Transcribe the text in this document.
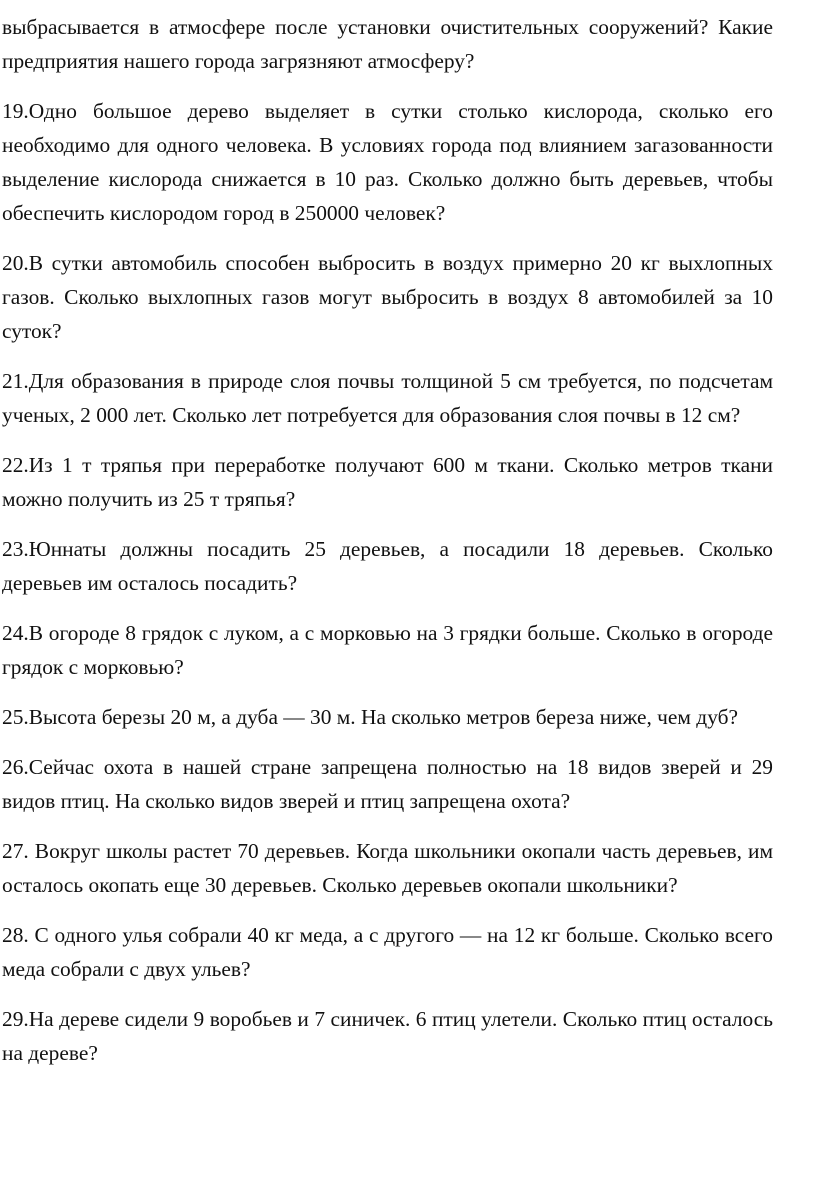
выбрасывается в атмосфере после установки очистительных сооружений? Какие предприятия нашего города загрязняют атмосферу?

19.Одно большое дерево выделяет в сутки столько кислорода, сколько его необходимо для одного человека. В условиях города под влиянием загазованности выделение кислорода снижается в 10 раз. Сколько должно быть деревьев, чтобы обеспечить кислородом город в 250000 человек?

20.В сутки автомобиль способен выбросить в воздух примерно 20 кг выхлопных газов. Сколько выхлопных газов могут выбросить в воздух 8 автомобилей за 10 суток?

21.Для образования в природе слоя почвы толщиной 5 см требуется, по подсчетам ученых, 2 000 лет. Сколько лет потребуется для образования слоя почвы в 12 см?

22.Из 1 т тряпья при переработке получают 600 м ткани. Сколько метров ткани можно получить из 25 т тряпья?

23.Юннаты должны посадить 25 деревьев, а посадили 18 деревьев. Сколько деревьев им осталось посадить?

24.В огороде 8 грядок с луком, а с морковью на 3 грядки больше. Сколько в огороде грядок с морковью?

25.Высота березы 20 м, а дуба — 30 м. На сколько метров береза ниже, чем дуб?

26.Сейчас охота в нашей стране запрещена полностью на 18 видов зверей и 29 видов птиц. На сколько видов зверей и птиц запрещена охота?

27. Вокруг школы растет 70 деревьев. Когда школьники окопали часть деревьев, им осталось окопать еще 30 деревьев. Сколько деревьев окопали школьники?

28. С одного улья собрали 40 кг меда, а с другого — на 12 кг больше. Сколько всего меда собрали с двух ульев?

29.На дереве сидели 9 воробьев и 7 синичек. 6 птиц улетели. Сколько птиц осталось на дереве?
